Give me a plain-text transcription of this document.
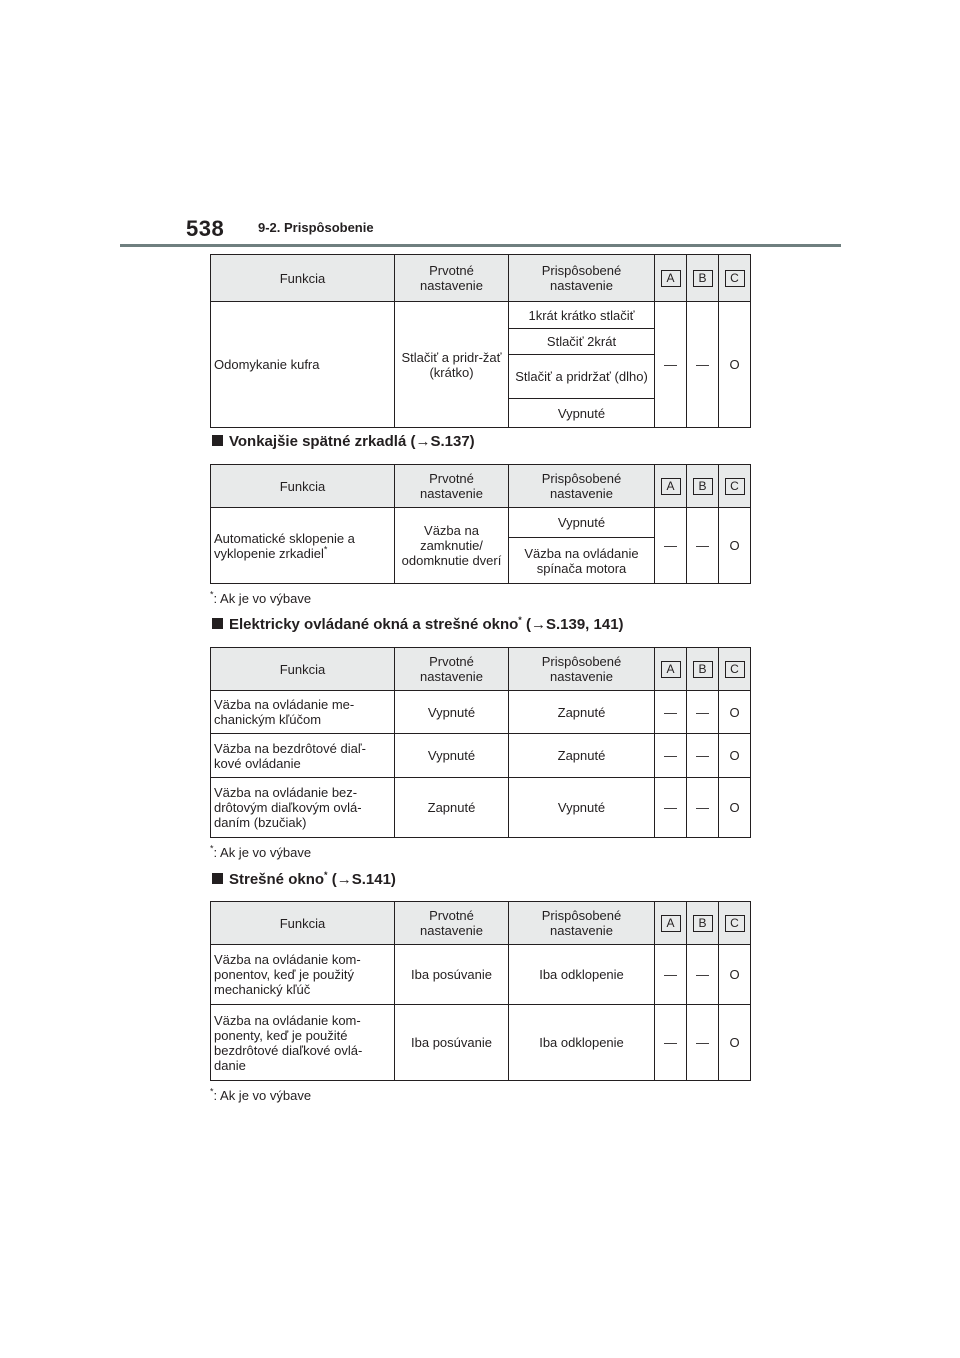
538	9-2. Prispôsobenie
Funkcia	Prvotné nastavenie	Prispôsobené nastavenie	A	B	C
Odomykanie kufra	Stlačiť a pridr-žať (krátko)	1krát krátko stlačiť	—	—	O
		Stlačiť 2krát			
		Stlačiť a pridržať (dlho)			
		Vypnuté			
Vonkajšie spätné zrkadlá (→S.137)
Funkcia	Prvotné nastavenie	Prispôsobené nastavenie	A	B	C
Automatické sklopenie a vyklopenie zrkadiel*	Väzba na zamknutie/ odomknutie dverí	Vypnuté	—	—	O
		Väzba na ovládanie spínača motora			
*: Ak je vo výbave
Elektricky ovládané okná a strešné okno* (→S.139, 141)
Funkcia	Prvotné nastavenie	Prispôsobené nastavenie	A	B	C
Väzba na ovládanie me-chanickým kľúčom	Vypnuté	Zapnuté	—	—	O
Väzba na bezdrôtové diaľ-kové ovládanie	Vypnuté	Zapnuté	—	—	O
Väzba na ovládanie bez-drôtovým diaľkovým ovlá-daním (bzučiak)	Zapnuté	Vypnuté	—	—	O
*: Ak je vo výbave
Strešné okno* (→S.141)
Funkcia	Prvotné nastavenie	Prispôsobené nastavenie	A	B	C
Väzba na ovládanie kom-ponentov, keď je použitý mechanický kľúč	Iba posúvanie	Iba odklopenie	—	—	O
Väzba na ovládanie kom-ponenty, keď je použité bezdrôtové diaľkové ovlá-danie	Iba posúvanie	Iba odklopenie	—	—	O
*: Ak je vo výbave
